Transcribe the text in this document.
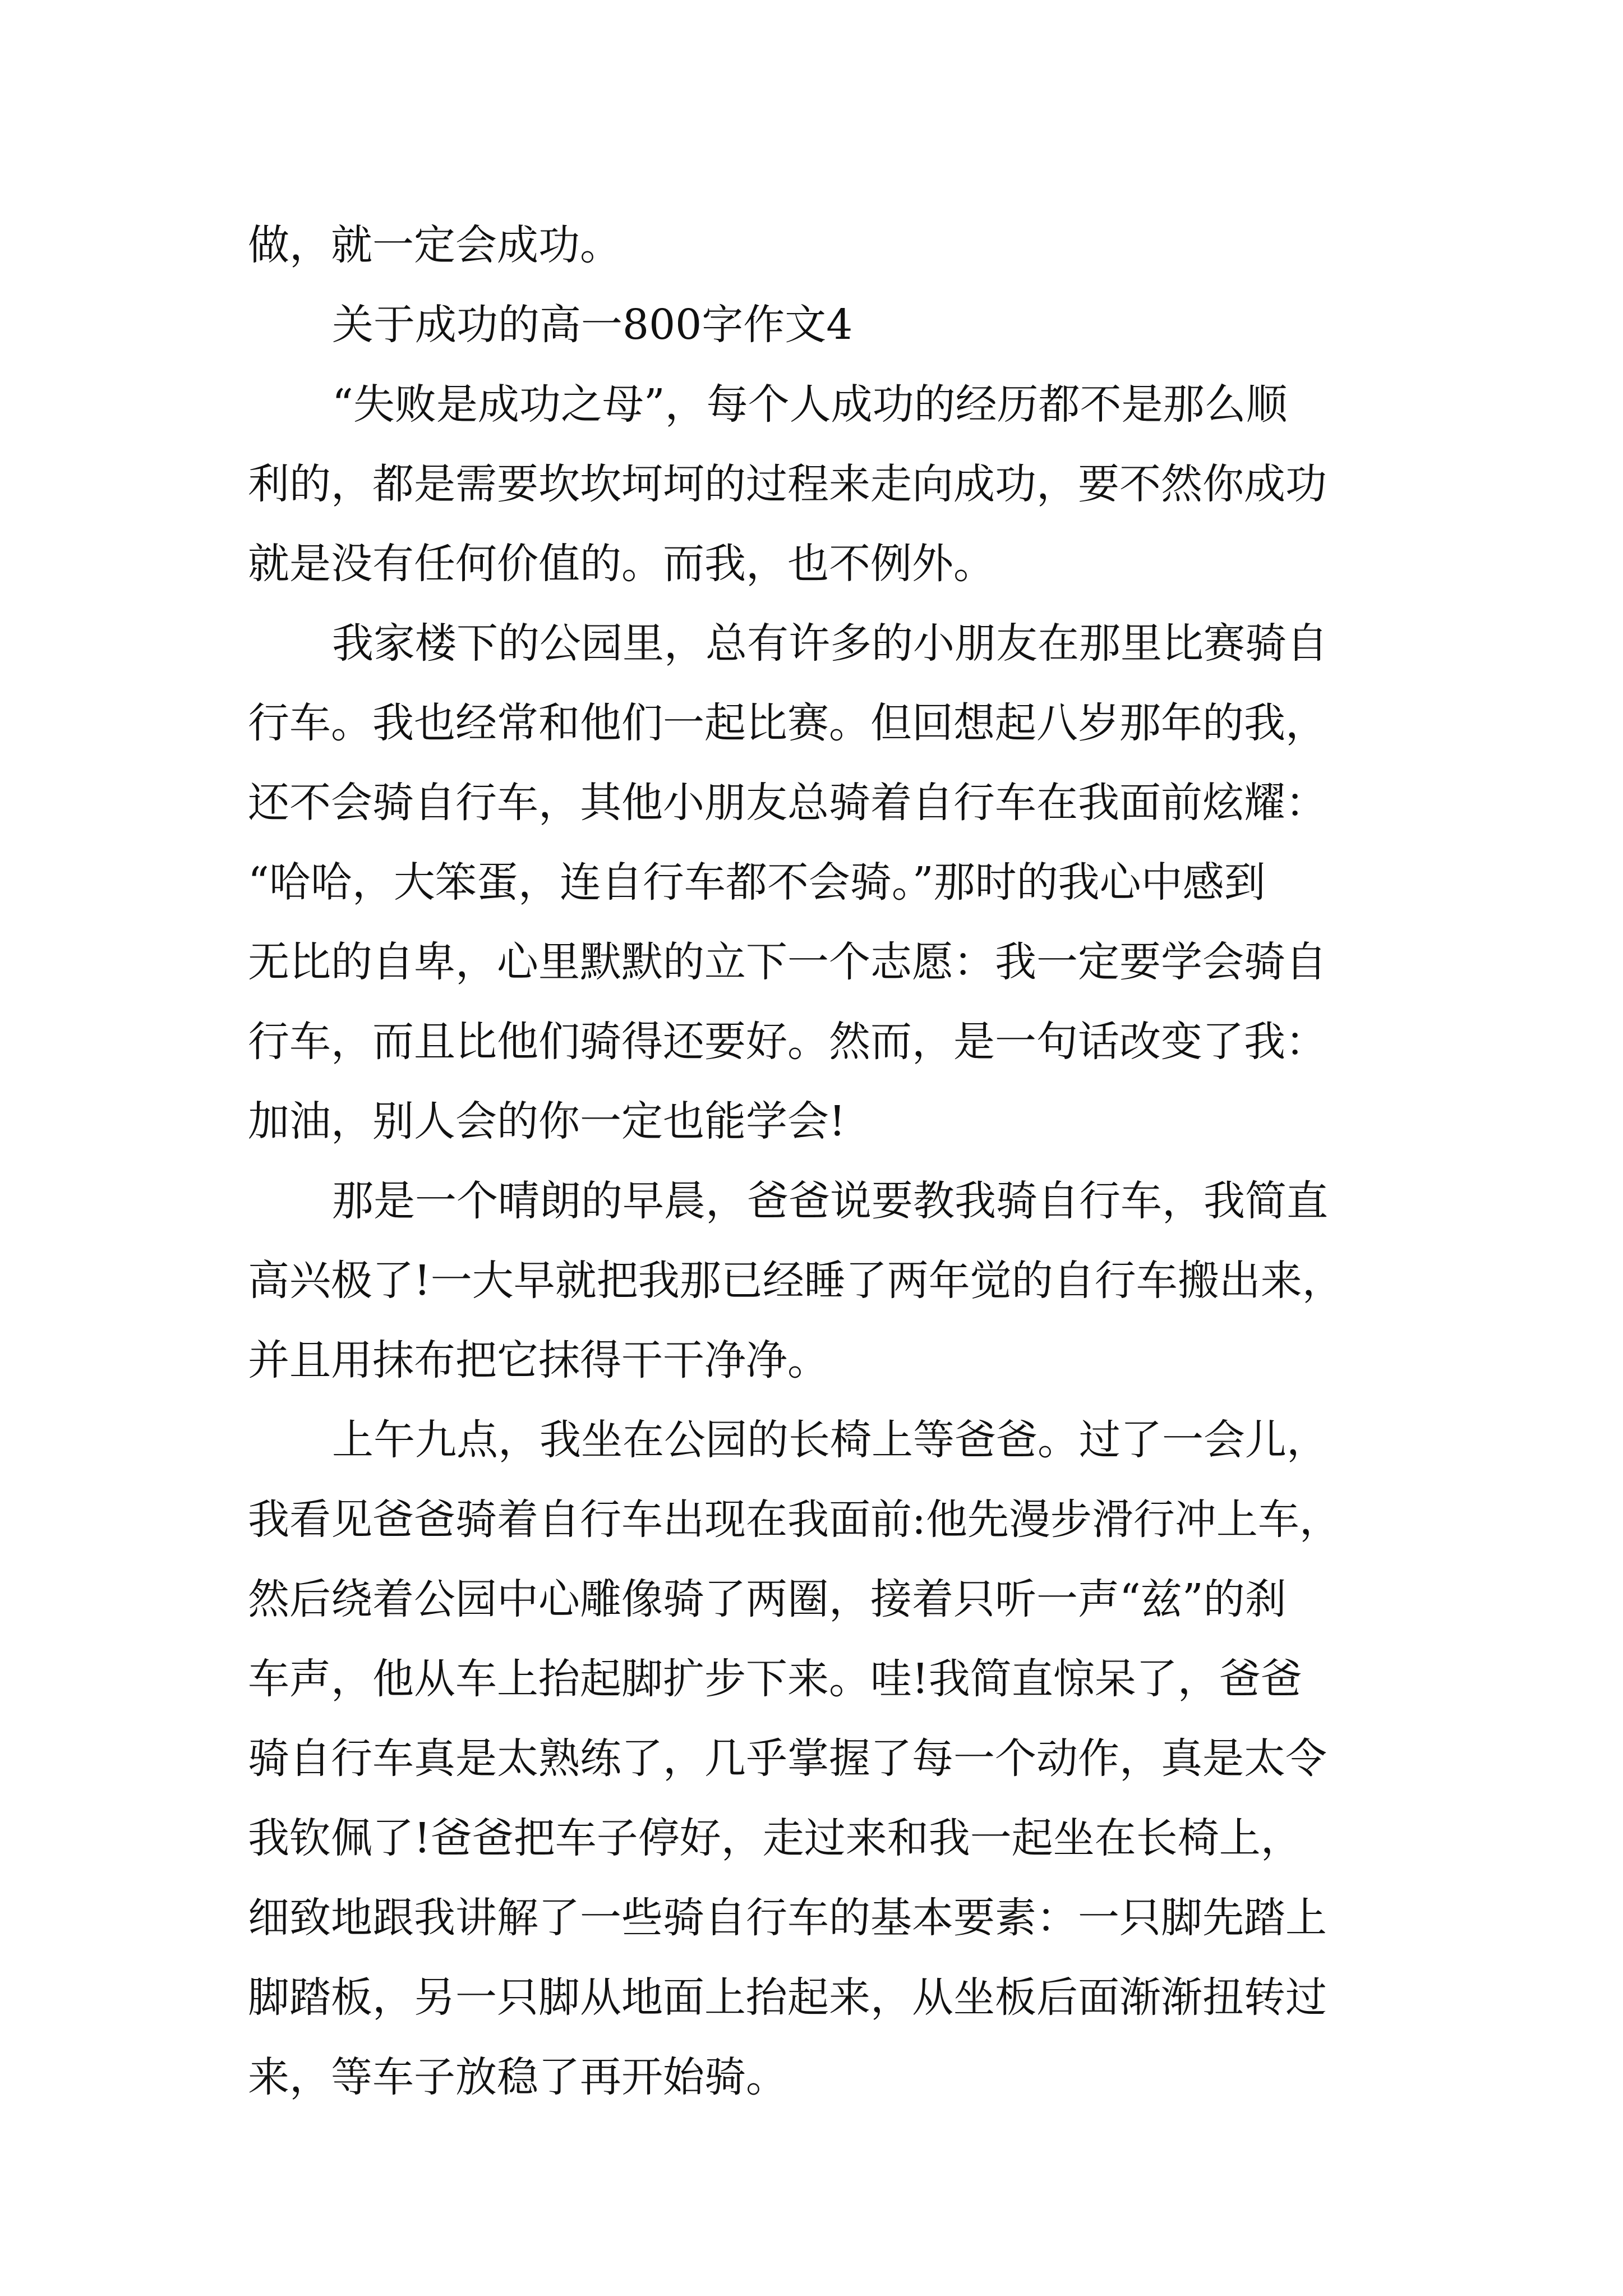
做，就一定会成功。

关于成功的高一800字作文4

“失败是成功之母”，每个人成功的经历都不是那么顺

利的，都是需要坎坎坷坷的过程来走向成功，要不然你成功

就是没有任何价值的。而我，也不例外。

我家楼下的公园里，总有许多的小朋友在那里比赛骑自

行车。我也经常和他们一起比赛。但回想起八岁那年的我，

还不会骑自行车，其他小朋友总骑着自行车在我面前炫耀：

“哈哈，大笨蛋，连自行车都不会骑。”那时的我心中感到

无比的自卑，心里默默的立下一个志愿：我一定要学会骑自

行车，而且比他们骑得还要好。然而，是一句话改变了我：

加油，别人会的你一定也能学会!

那是一个晴朗的早晨，爸爸说要教我骑自行车，我简直

高兴极了!一大早就把我那已经睡了两年觉的自行车搬出来，

并且用抹布把它抹得干干净净。

上午九点，我坐在公园的长椅上等爸爸。过了一会儿，

我看见爸爸骑着自行车出现在我面前:他先漫步滑行冲上车，

然后绕着公园中心雕像骑了两圈，接着只听一声“兹”的刹

车声，他从车上抬起脚扩步下来。哇!我简直惊呆了，爸爸

骑自行车真是太熟练了，几乎掌握了每一个动作，真是太令

我钦佩了!爸爸把车子停好，走过来和我一起坐在长椅上，

细致地跟我讲解了一些骑自行车的基本要素：一只脚先踏上

脚踏板，另一只脚从地面上抬起来，从坐板后面渐渐扭转过

来，等车子放稳了再开始骑。
